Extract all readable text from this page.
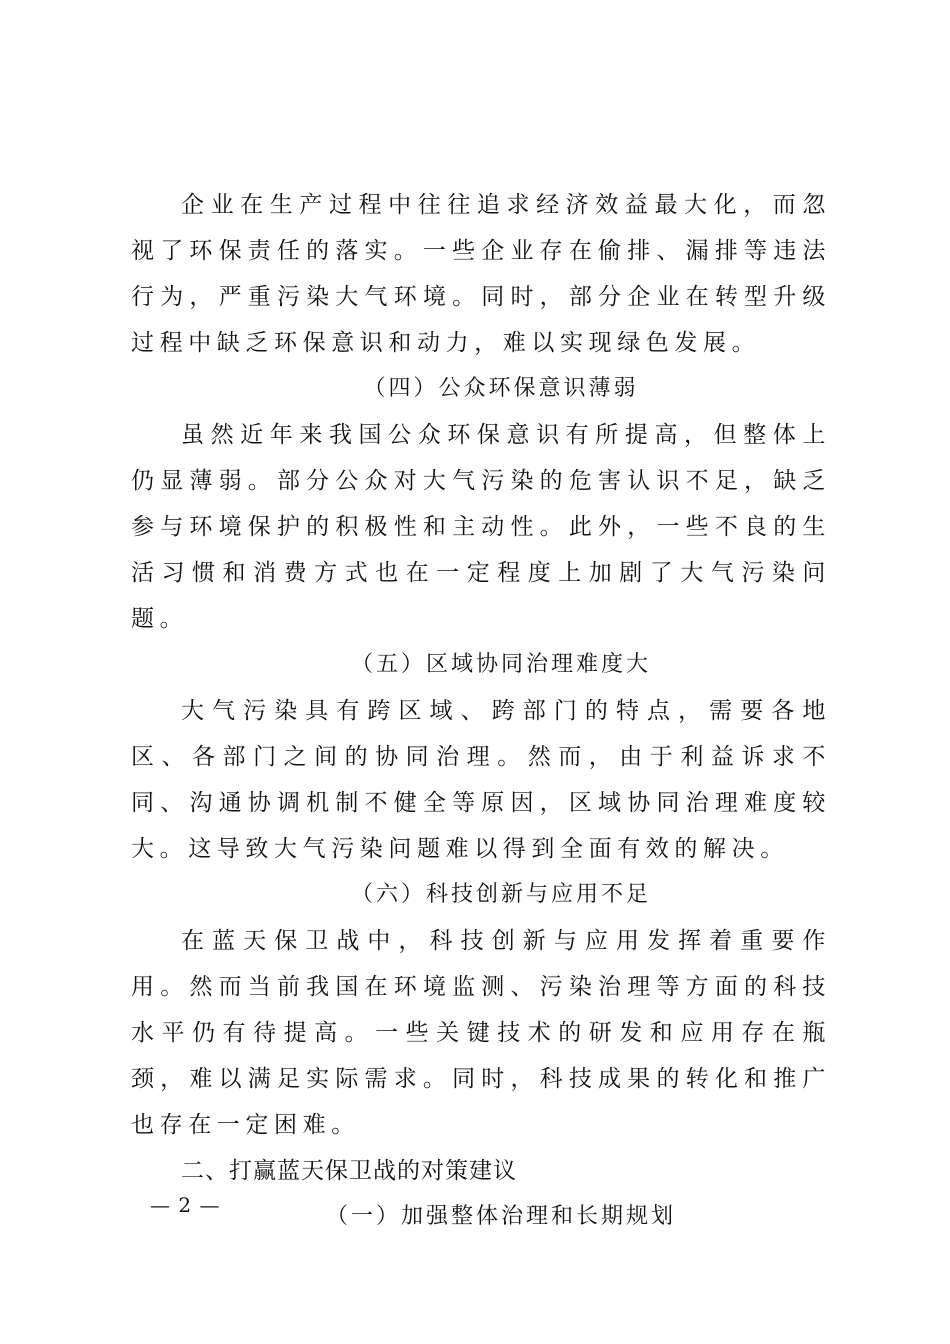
企业在生产过程中往往追求经济效益最大化，而忽视了环保责任的落实。一些企业存在偷排、漏排等违法行为，严重污染大气环境。同时，部分企业在转型升级过程中缺乏环保意识和动力，难以实现绿色发展。

（四）公众环保意识薄弱

虽然近年来我国公众环保意识有所提高，但整体上仍显薄弱。部分公众对大气污染的危害认识不足，缺乏参与环境保护的积极性和主动性。此外，一些不良的生活习惯和消费方式也在一定程度上加剧了大气污染问题。

（五）区域协同治理难度大

大气污染具有跨区域、跨部门的特点，需要各地区、各部门之间的协同治理。然而，由于利益诉求不同、沟通协调机制不健全等原因，区域协同治理难度较大。这导致大气污染问题难以得到全面有效的解决。

（六）科技创新与应用不足

在蓝天保卫战中，科技创新与应用发挥着重要作用。然而当前我国在环境监测、污染治理等方面的科技水平仍有待提高。一些关键技术的研发和应用存在瓶颈，难以满足实际需求。同时，科技成果的转化和推广也存在一定困难。

二、打赢蓝天保卫战的对策建议

（一）加强整体治理和长期规划

— 2 —
